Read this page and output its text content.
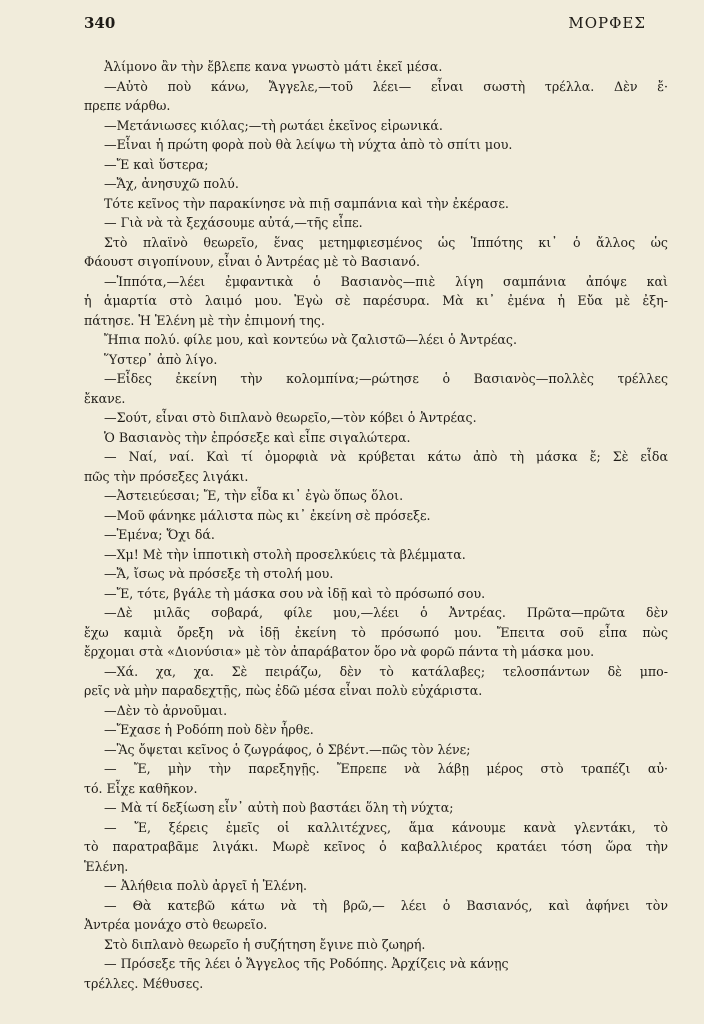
340	ΜΟΡΦΕΣ
Ἀλίμονο ἂν τὴν ἔβλεπε κανα γνωστὸ μάτι ἐκεῖ μέσα.
—Αὐτὸ ποὺ κάνω, Ἄγγελε,—τοῦ λέει— εἶναι σωστὴ τρέλλα. Δὲν ἔ·
πρεπε νάρθω.
—Μετάνιωσες κιόλας;—τὴ ρωτάει ἐκεῖνος εἰρωνικά.
—Εἶναι ἡ πρώτη φορὰ ποὺ θὰ λείψω τὴ νύχτα ἀπὸ τὸ σπίτι μου.
—Ἔ καὶ ὕστερα;
—Ἄχ, ἀνησυχῶ πολύ.
Τότε κεῖνος τὴν παρακίνησε νὰ πιῇ σαμπάνια καὶ τὴν ἐκέρασε.
— Γιὰ νὰ τὰ ξεχάσουμε αὐτά,—τῆς εἶπε.
Στὸ πλαϊνὸ θεωρεῖο, ἕνας μετημφιεσμένος ὡς Ἱππότης κι᾿ ὁ ἄλλος ὡς
Φάουστ σιγοπίνουν, εἶναι ὁ Ἀντρέας μὲ τὸ Βασιανό.
—Ἱππότα,—λέει ἐμφαντικὰ ὁ Βασιανὸς—πιὲ λίγη σαμπάνια ἀπόψε καὶ
ἡ ἁμαρτία στὸ λαιμό μου. Ἐγὼ σὲ παρέσυρα. Μὰ κι᾿ ἐμένα ἡ Εὔα μὲ ἐξη-
πάτησε. Ἡ Ἑλένη μὲ τὴν ἐπιμονή της.
Ἤπια πολύ. φίλε μου, καὶ κοντεύω νὰ ζαλιστῶ—λέει ὁ Ἀντρέας.
Ὕστερ᾿ ἀπὸ λίγο.
—Εἶδες ἐκείνη τὴν κολομπίνα;—ρώτησε ὁ Βασιανὸς—πολλὲς τρέλλες
ἔκανε.
—Σούτ, εἶναι στὸ διπλανὸ θεωρεῖο,—τὸν κόβει ὁ Ἀντρέας.
Ὁ Βασιανὸς τὴν ἐπρόσεξε καὶ εἶπε σιγαλώτερα.
— Ναί, ναί. Καὶ τί ὀμορφιὰ νὰ κρύβεται κάτω ἀπὸ τὴ μάσκα ἔ; Σὲ εἶδα
πῶς τὴν πρόσεξες λιγάκι.
—Ἀστειεύεσαι; Ἔ, τὴν εἶδα κι᾿ ἐγὼ ὅπως ὅλοι.
—Μοῦ φάνηκε μάλιστα πὼς κι᾿ ἐκείνη σὲ πρόσεξε.
—Ἐμένα; Ὄχι δά.
—Χμ! Μὲ τὴν ἱπποτικὴ στολὴ προσελκύεις τὰ βλέμματα.
—Ἄ, ἴσως νὰ πρόσεξε τὴ στολή μου.
—Ἔ, τότε, βγάλε τὴ μάσκα σου νὰ ἰδῇ καὶ τὸ πρόσωπό σου.
—Δὲ μιλᾶς σοβαρά, φίλε μου,—λέει ὁ Ἀντρέας. Πρῶτα—πρῶτα δὲν
ἔχω καμιὰ ὄρεξη νὰ ἰδῇ ἐκείνη τὸ πρόσωπό μου. Ἔπειτα σοῦ εἶπα πὼς
ἔρχομαι στὰ «Διονύσια» μὲ τὸν ἀπαράβατον ὅρο νὰ φορῶ πάντα τὴ μάσκα μου.
—Χά. χα, χα. Σὲ πειράζω, δὲν τὸ κατάλαβες; τελοσπάντων δὲ μπο-
ρεῖς νὰ μὴν παραδεχτῇς, πὼς ἐδῶ μέσα εἶναι πολὺ εὐχάριστα.
—Δὲν τὸ ἀρνοῦμαι.
—Ἔχασε ἡ Ροδόπη ποὺ δὲν ἦρθε.
—Ἂς ὄψεται κεῖνος ὁ ζωγράφος, ὁ Σβέντ.—πῶς τὸν λένε;
— Ἔ, μὴν τὴν παρεξηγῇς. Ἔπρεπε νὰ λάβῃ μέρος στὸ τραπέζι αὐ·
τό. Εἶχε καθῆκον.
— Μὰ τί δεξίωση εἶν᾿ αὐτὴ ποὺ βαστάει ὅλη τὴ νύχτα;
— Ἔ, ξέρεις ἐμεῖς οἱ καλλιτέχνες, ἅμα κάνουμε κανὰ γλεντάκι, τὸ
τὸ παρατραβᾶμε λιγάκι. Μωρὲ κεῖνος ὁ καβαλλιέρος κρατάει τόση ὥρα τὴν
Ἑλένη.
— Ἀλήθεια πολὺ ἀργεῖ ἡ Ἑλένη.
— Θὰ κατεβῶ κάτω νὰ τὴ βρῶ,— λέει ὁ Βασιανός, καὶ ἀφήνει τὸν
Ἀντρέα μονάχο στὸ θεωρεῖο.
Στὸ διπλανὸ θεωρεῖο ἡ συζήτηση ἔγινε πιὸ ζωηρή.
— Πρόσεξε τῆς λέει ὁ Ἄγγελος τῆς Ροδόπης. Ἀρχίζεις νὰ κάνῃς
τρέλλες. Μέθυσες.
